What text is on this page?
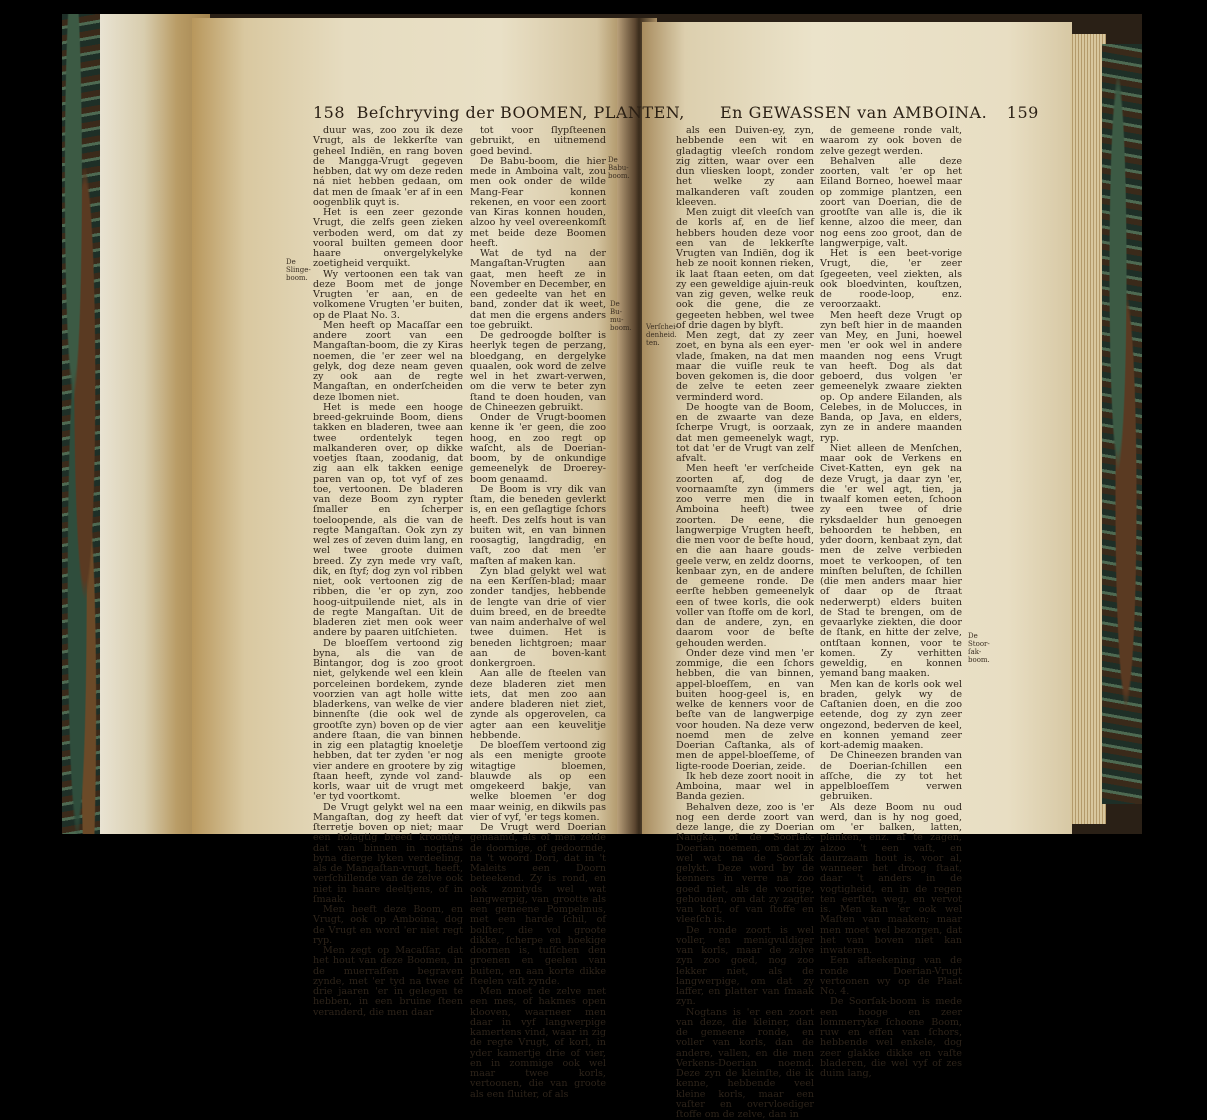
158 Beſchryving der BOOMEN, PLANTEN,
De Slinge-
boom.

duur was, zoo zou ik deze Vrugt, als de lekkerſte van geheel Indiën, en rang boven de Mangga-Vrugt gegeven hebben, dat wy om deze reden ná niet hebben gedaan, om dat men de ſmaak 'er af in een oogenblik quyt is.

Het is een zeer gezonde Vrugt, die zelfs geen zieken verboden werd, om dat zy vooral builten gemeen door haare onvergelykelyke zoetigheid verquikt.

Wy vertoonen een tak van deze Boom met de jonge Vrugten 'er aan, en de volkomene Vrugten 'er buiten, op de Plaat No. 3.

Men heeft op Macaſſar een andere zoort van een Mangaſtan-boom, die zy Kiras noemen, die 'er zeer wel na gelyk, dog deze neam geven zy ook aan de regte Mangaſtan, en onderſcheiden deze lbomen niet.

Het is mede een hooge breed-gekruinde Boom, diens takken en bladeren, twee aan twee ordentelyk tegen malkanderen over, op dikke voetjes ſtaan, zoodanig, dat zig aan elk takken eenige paren van op, tot vyf of zes toe, vertoonen. De bladeren van deze Boom zyn rypter ſmaller en ſcherper toeloopende, als die van de regte Mangaſtan. Ook zyn zy wel zes of zeven duim lang, en wel twee groote duimen breed. Zy zyn mede vry vaſt, dik, en ſtyf; dog zyn vol ribben niet, ook vertoonen zig de ribben, die 'er op zyn, zoo hoog-uitpuilende niet, als in de regte Mangaſtan. Uit de bladeren ziet men ook weer andere by paaren uitſchieten.

De bloeſſem vertoond zig byna, als die van de Bintangor, dog is zoo groot niet, gelykende wel een klein porceleinen bordekem, zynde voorzien van agt holle witte bladerkens, van welke de vier binnenſte (die ook wel de grootſte zyn) boven op de vier andere ſtaan, die van binnen in zig een platagtig knoeletje hebben, dat ter zyden 'er nog vier andere en grootere by zig ſtaan heeft, zynde vol zand-korls, waar uit de vrugt met 'er tyd voortkomt.

De Vrugt gelykt wel na een Mangaſtan, dog zy heeft dat ſterretje boven op niet; maar een holagtig breed kroontje, dat van binnen in nogtans byna dierge lyken verdeeling, als de Mangaſtan-vrugt, heeft, verſchillende van de zelve ook niet in haare deeltjens, of in ſmaak.

Men heeft deze Boom, en Vrugt, ook op Amboina, dog de Vrugt en word 'er niet regt ryp.

Men zegt op Macaſſar, dat het hout van deze Boomen, in de muerraſſen begraven zynde, met 'er tyd na twee of drie jaaren 'er in gelegen te hebben, in een bruine ſteen veranderd, die men daar

De Babu-
boom.
De Bu-
mu-
boom.

tot voor ſlypſteenen gebruikt, en uitnemend goed bevind.

De Babu-boom, die hier mede in Amboina valt, zou men ook onder de wilde Mang-Fear konnen rekenen, en voor een zoort van Kiras konnen houden, alzoo hy veel overeenkomſt met beide deze Boomen heeft.

Wat de tyd na der Mangaſtan-Vrugten aan gaat, men heeft ze in November en December, en een gedeelte van het en band, zonder dat ik weet, dat men die ergens anders toe gebruikt.

De gedroogde bolſter is heerlyk tegen de perzang, bloedgang, en dergelyke quaalen, ook word de zelve wel in het zwart-verwen, om die verw te beter zyn ſtand te doen houden, van de Chineezen gebruikt.

Onder de Vrugt-boomen kenne ik 'er geen, die zoo hoog, en zoo regt op waſcht, als de Doerian-boom, by de onkundige gemeenelyk de Droerey-boom genaamd.

De Boom is vry dik van ſtam, die beneden gevlerkt is, en een geſlagtige ſchors heeft. Des zelfs hout is van buiten wit, en van binnen roosagtig, langdradig, en vaſt, zoo dat men 'er maſten af maken kan.

Zyn blad gelykt wel wat na een Kerſſen-blad; maar zonder tandjes, hebbende de lengte van drie of vier duim breed, en de breedte van naim anderhalve of wel twee duimen. Het is beneden lichtgroen; maar aan de boven-kant donkergroen.

Aan alle de ſteelen van deze bladeren ziet men iets, dat men zoo aan andere bladeren niet ziet, zynde als opgerovelen, ca agter aan een keuvelitje hebbende.

De bloeſſem vertoond zig als een menigte groote witagtige bloemen, blauwde als op een omgekeerd bakje, van welke bloemen 'er dog maar weinig, en dikwils pas vier of vyf, 'er tegs komen.

De Vrugt werd Doerian genaamd, als of men zeide de doornige, of gedoornde, na 't woord Dori, dat in 't Maleits een Doorn beteekend. Zy is rond, en ook zomtyds wel wat langwerpig, van grootte als een gemeene Pompelmus, met een harde ſchil, of bolſter, die vol groote dikke, ſcherpe en hoekige doornen is, tuſſchen den groenen en geelen van buiten, en aan korte dikke ſteelen vaſt zynde.

Men moet de zelve met een mes, of hakmes open klooven, waarneer men daar in vyf langwerpige kamertens vind, waar in zig de regte Vrugt, of korl, in yder kamertje drie of vier, en in zommige ook wel maar twee korls, vertoonen, die van groote als een ſluiter, of als

En GEWASSEN van AMBOINA. 159
Verſchei-
denheid.
ten.

als een Duiven-ey, zyn, hebbende een wit en gladagtig vleeſch rondom zig zitten, waar over een dun vliesken loopt, zonder het welke zy aan malkanderen vaſt zouden kleeven.

Men zuigt dit vleeſch van de korls af, en de lief hebbers houden deze voor een van de lekkerſte Vrugten van Indiën, dog ik heb ze nooit konnen rieken, ik laat ſtaan eeten, om dat zy een geweldige ajuin-reuk van zig geven, welke reuk ook die gene, die ze gegeeten hebben, wel twee of drie dagen by blyft.

Men zegt, dat zy zeer zoet, en byna als een eyer-vlade, ſmaken, na dat men maar die vuiſle reuk te boven gekomen is, die door de zelve te eeten zeer verminderd word.

De hoogte van de Boom, en de zwaarte van deze ſcherpe Vrugt, is oorzaak, dat men gemeenelyk wagt, tot dat 'er de Vrugt van zelf afvalt.

Men heeft 'er verſcheide zoorten af, dog de voornaamſte zyn (immers zoo verre men die in Amboina heeft) twee zoorten. De eene, die langwerpige Vrugten heeft, die men voor de beſte houd, en die aan haare gouds-geele verw, en zeldz doorns, kenbaar zyn, en de andere de gemeene ronde. De eerſte hebben gemeenelyk een of twee korls, die ook voller van ſtoffe om de korl, dan de andere, zyn, en daarom voor de beſte gehouden werden.

Onder deze vind men 'er zommige, die een ſchors hebben, die van binnen, appel-bloeſſem, en van buiten hoog-geel is, en welke de kenners voor de beſte van de langwerpige voor houden. Na deze verw noemd men de zelve Doerian Caſtanka, als of men de appel-bloeſſeme, of ligte-roode Doerian, zeide.

Ik heb deze zoort nooit in Amboina, maar wel in Banda gezien.

Behalven deze, zoo is 'er nog een derde zoort van deze lange, die zy Doerian Nangka, of de Soorſak-Doerian noemen, om dat zy wel wat na de Soorſak gelykt. Deze word by de kenners in verre na zoo goed niet, als de voorige, gehouden, om dat zy zagter van korl, of van ſtoffe en vleeſch is.

De ronde zoort is wel voller, en menigvuldiger van korls, maar de zelve zyn zoo goed, nog zoo lekker niet, als de langwerpige, om dat zy laffer, en platter van ſmaak zyn.

Nogtans is 'er een zoort van deze, die kleiner, dan de gemeene ronde, en voller van korls, dan de andere, vallen, en die men Verkens-Doerian noemd. Deze zyn de kleinſte, die ik kenne, hebbende veel kleine korls, maar een vaſter en overvloediger ſtoffe om de zelve, dan in

de gemeene ronde valt, waarom zy ook boven de zelve gezegt werden.

Behalven alle deze zoorten, valt 'er op het Eiland Borneo, hoewel maar op zommige plantzen, een zoort van Doerian, die de grootſte van alle is, die ik kenne, alzoo die meer, dan nog eens zoo groot, dan de langwerpige, valt.

Het is een beet-vorige Vrugt, die, 'er zeer ſgegeeten, veel ziekten, als ook bloedvinten, kouſtzen, de roode-loop, enz. veroorzaakt.

Men heeft deze Vrugt op zyn beſt hier in de maanden van Mey, en Juni, hoewel men 'er ook wel in andere maanden nog eens Vrugt van heeft. Dog als dat geboerd, dus volgen 'er gemeenelyk zwaare ziekten op. Op andere Eilanden, als Celebes, in de Molucces, in Banda, op Java, en elders, zyn ze in andere maanden ryp.

Niet alleen de Menſchen, maar ook de Verkens en Civet-Katten, eyn gek na deze Vrugt, ja daar zyn 'er, die 'er wel agt, tien, ja twaalf komen eeten, ſchoon zy een twee of drie ryksdaelder hun genoegen behoorden te hebben, en yder doorn, kenbaat zyn, dat men de zelve verbieden moet te verkoopen, of ten minſten beluſten, de ſchillen (die men anders maar hier of daar op de ſtraat nederwerpt) elders buiten de Stad te brengen, om de gevaarlyke ziekten, die door de ſtank, en hitte der zelve, ontſtaan konnen, voor te komen. Zy verhitten geweldig, en konnen yemand bang maaken.

Men kan de korls ook wel braden, gelyk wy de Caſtanien doen, en die zoo eetende, dog zy zyn zeer ongezond, bederven de keel, en konnen yemand zeer kort-ademig maaken.

De Chineezen branden van de Doerian-ſchillen een aſſche, die zy tot het appelbloeſſem verwen gebruiken.

Als deze Boom nu oud werd, dan is hy nog goed, om 'er balken, latten, planken, enz. af te zagen, alzoo 't een vaſt, en daurzaam hout is, voor al, wanneer het droog ſtaat, daar 't anders in de vogtigheid, en in de regen ten eerſten weg, en vervot is. Men kan 'er ook wel Maſten van maaken; maar men moet wel bezorgen, dat het van boven niet kan inwateren.

Een afteekening van de ronde Doerian-Vrugt vertoonen wy op de Plaat No. 4.

De Soorſak-boom is mede een hooge en zeer lommerryke ſchoone Boom, ruw en effen van ſchors, hebbende wel enkele, dog zeer glakke dikke en vaſte bladeren, die wel vyf of zes duim lang,

De Stoor-
ſak-
boom.
